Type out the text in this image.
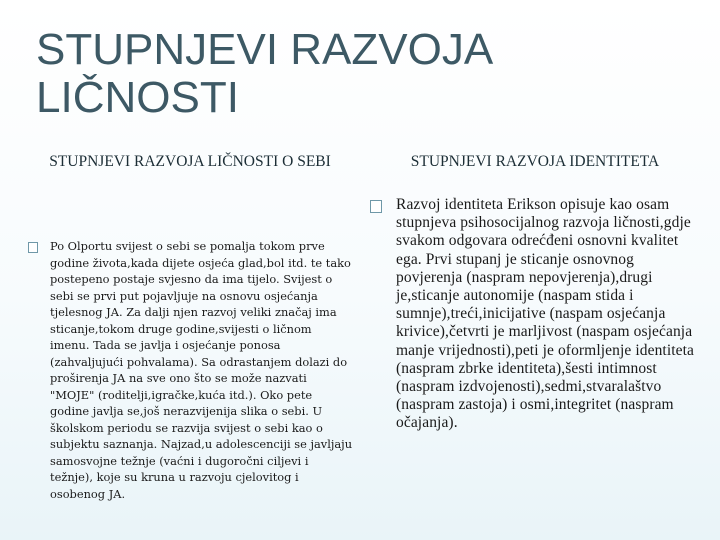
STUPNJEVI RAZVOJA LIČNOSTI
STUPNJEVI RAZVOJA LIČNOSTI O SEBI
Po Olportu svijest o sebi se pomalja tokom prve godine života,kada dijete osjeća glad,bol itd. te tako postepeno postaje svjesno da ima tijelo. Svijest o sebi se prvi put pojavljuje na osnovu osjećanja tjelesnog JA. Za dalji njen razvoj veliki značaj ima sticanje,tokom druge godine,svijesti o ličnom imenu. Tada se javlja i osjećanje ponosa (zahvaljujući pohvalama). Sa odrastanjem dolazi do proširenja JA na sve ono što se može nazvati "MOJE" (roditelji,igračke,kuća itd.). Oko pete godine javlja se,još nerazvijenija slika o sebi. U školskom periodu se razvija svijest o sebi kao o subjektu saznanja. Najzad,u adolescenciji se javljaju samosvojne težnje (vaćni i dugoročni ciljevi i težnje), koje su kruna u razvoju cjelovitog i osobenog JA.
STUPNJEVI RAZVOJA IDENTITETA
Razvoj identiteta Erikson opisuje kao osam stupnjeva psihosocijalnog razvoja ličnosti,gdje svakom odgovara odrećđeni osnovni kvalitet ega. Prvi stupanj je sticanje osnovnog povjerenja (naspram nepovjerenja),drugi je,sticanje autonomije (naspam stida i sumnje),treći,inicijative (naspam osjećanja krivice),četvrti je marljivost (naspam osjećanja manje vrijednosti),peti je oformljenje identiteta (naspram zbrke identiteta),šesti intimnost (naspram izdvojenosti),sedmi,stvaralaštvo (naspram zastoja) i osmi,integritet (naspram očajanja).
